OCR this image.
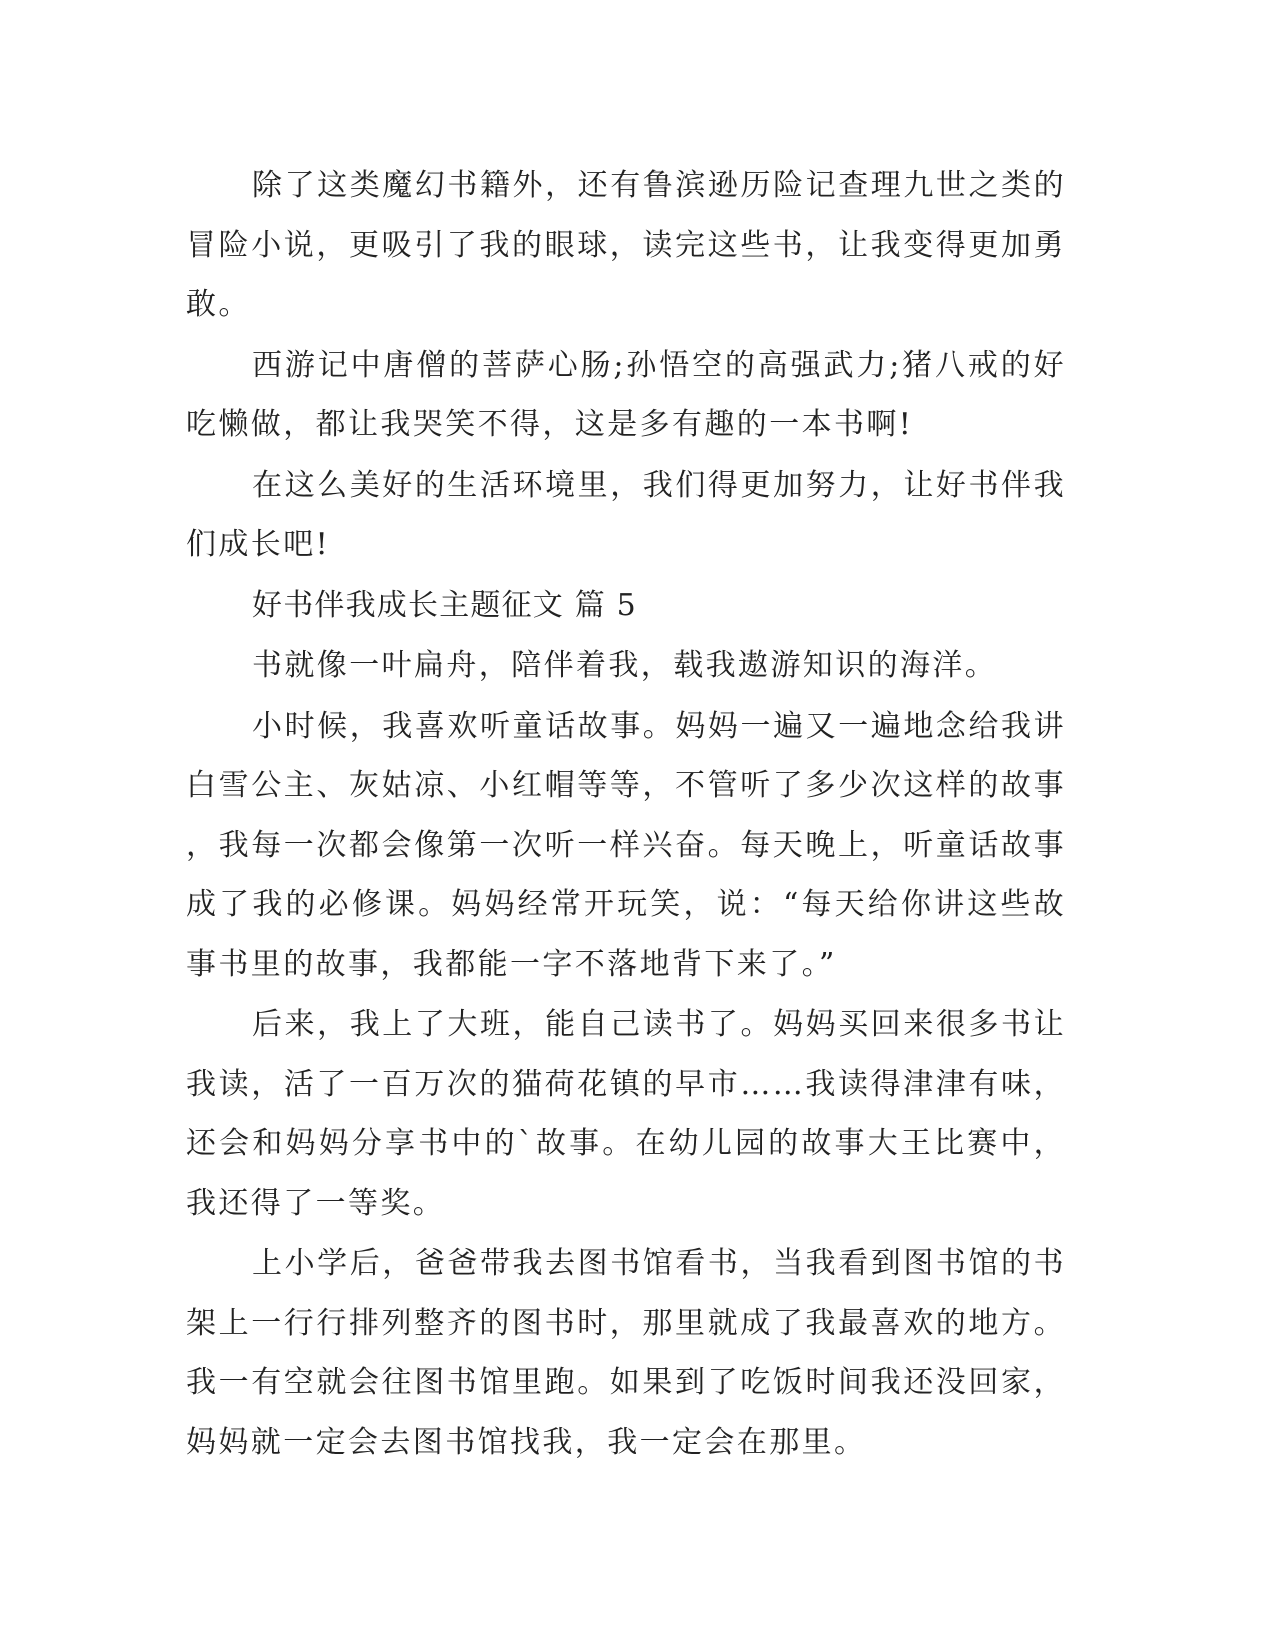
除了这类魔幻书籍外，还有鲁滨逊历险记查理九世之类的冒险小说，更吸引了我的眼球，读完这些书，让我变得更加勇敢。

西游记中唐僧的菩萨心肠;孙悟空的高强武力;猪八戒的好吃懒做，都让我哭笑不得，这是多有趣的一本书啊!

在这么美好的生活环境里，我们得更加努力，让好书伴我们成长吧!

好书伴我成长主题征文 篇 5

书就像一叶扁舟，陪伴着我，载我遨游知识的海洋。

小时候，我喜欢听童话故事。妈妈一遍又一遍地念给我讲白雪公主、灰姑凉、小红帽等等，不管听了多少次这样的故事，我每一次都会像第一次听一样兴奋。每天晚上，听童话故事成了我的必修课。妈妈经常开玩笑，说：“每天给你讲这些故事书里的故事，我都能一字不落地背下来了。”

后来，我上了大班，能自己读书了。妈妈买回来很多书让我读，活了一百万次的猫荷花镇的早市……我读得津津有味，还会和妈妈分享书中的`故事。在幼儿园的故事大王比赛中，我还得了一等奖。

上小学后，爸爸带我去图书馆看书，当我看到图书馆的书架上一行行排列整齐的图书时，那里就成了我最喜欢的地方。我一有空就会往图书馆里跑。如果到了吃饭时间我还没回家，妈妈就一定会去图书馆找我，我一定会在那里。
